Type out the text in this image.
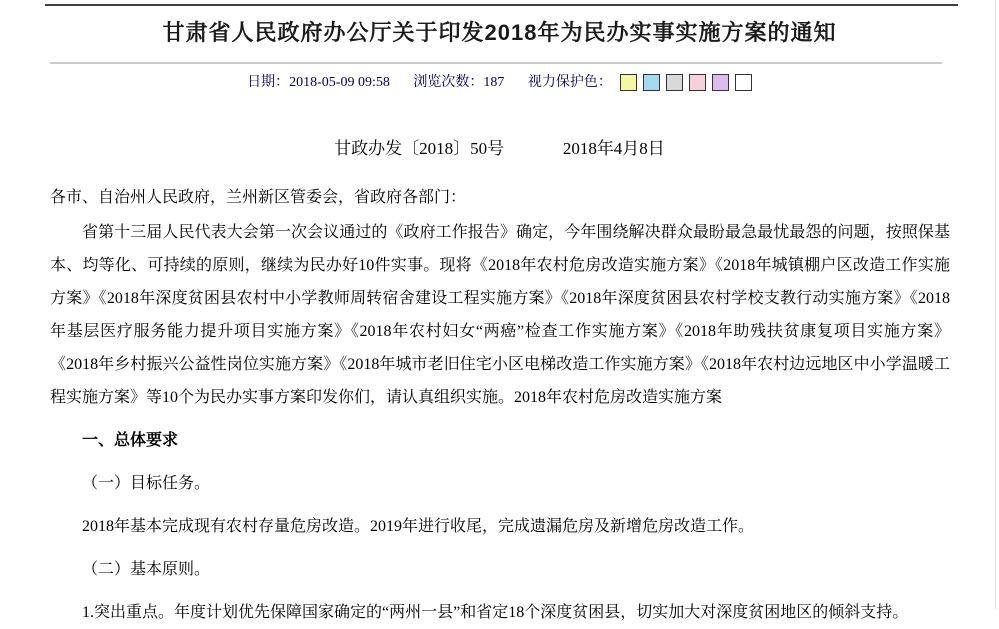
甘肃省人民政府办公厅关于印发2018年为民办实事实施方案的通知
日期：2018-05-09 09:58 浏览次数：187 视力保护色：
甘政办发〔2018〕50号	2018年4月8日

各市、自治州人民政府，兰州新区管委会，省政府各部门：

省第十三届人民代表大会第一次会议通过的《政府工作报告》确定，今年围绕解决群众最盼最急最忧最怨的问题，按照保基本、均等化、可持续的原则，继续为民办好10件实事。现将《2018年农村危房改造实施方案》《2018年城镇棚户区改造工作实施方案》《2018年深度贫困县农村中小学教师周转宿舍建设工程实施方案》《2018年深度贫困县农村学校支教行动实施方案》《2018年基层医疗服务能力提升项目实施方案》《2018年农村妇女“两癌”检查工作实施方案》《2018年助残扶贫康复项目实施方案》《2018年乡村振兴公益性岗位实施方案》《2018年城市老旧住宅小区电梯改造工作实施方案》《2018年农村边远地区中小学温暖工程实施方案》等10个为民办实事方案印发你们，请认真组织实施。2018年农村危房改造实施方案

一、总体要求

（一）目标任务。

2018年基本完成现有农村存量危房改造。2019年进行收尾，完成遗漏危房及新增危房改造工作。

（二）基本原则。

1.突出重点。年度计划优先保障国家确定的“两州一县”和省定18个深度贫困县，切实加大对深度贫困地区的倾斜支持。
